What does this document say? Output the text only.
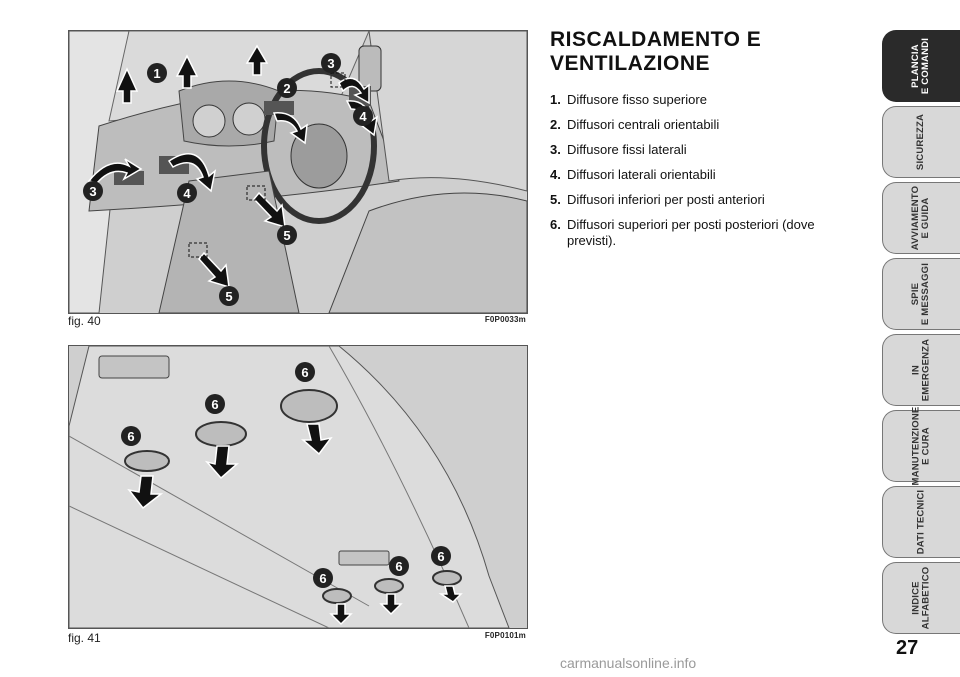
1
2
3
3
4
4
5
5
fig. 40	F0P0033m
6
6
6
6
6
6
fig. 41	F0P0101m
RISCALDAMENTO E VENTILAZIONE
1. Diffusore fisso superiore
2. Diffusori centrali orientabili
3. Diffusore fissi laterali
4. Diffusori laterali orientabili
5. Diffusori inferiori per posti anteriori
6. Diffusori superiori per posti posteriori (dove previsti).
PLANCIA
E COMANDI
SICUREZZA
AVVIAMENTO
E GUIDA
SPIE
E MESSAGGI
IN
EMERGENZA
MANUTENZIONE
E CURA
DATI TECNICI
INDICE
ALFABETICO
27
carmanualsonline.info
